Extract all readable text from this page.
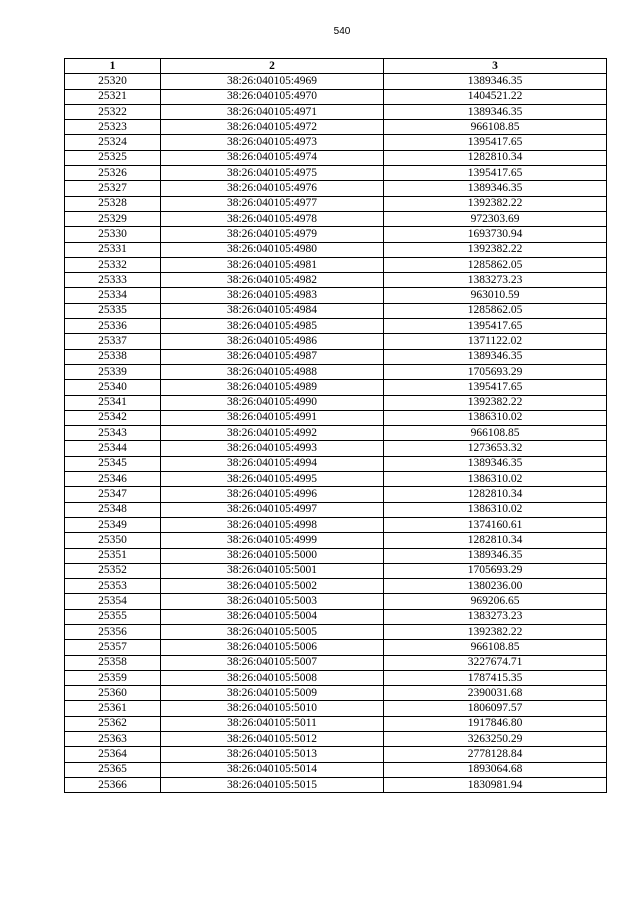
540
1	2	3
25320	38:26:040105:4969	1389346.35
25321	38:26:040105:4970	1404521.22
25322	38:26:040105:4971	1389346.35
25323	38:26:040105:4972	966108.85
25324	38:26:040105:4973	1395417.65
25325	38:26:040105:4974	1282810.34
25326	38:26:040105:4975	1395417.65
25327	38:26:040105:4976	1389346.35
25328	38:26:040105:4977	1392382.22
25329	38:26:040105:4978	972303.69
25330	38:26:040105:4979	1693730.94
25331	38:26:040105:4980	1392382.22
25332	38:26:040105:4981	1285862.05
25333	38:26:040105:4982	1383273.23
25334	38:26:040105:4983	963010.59
25335	38:26:040105:4984	1285862.05
25336	38:26:040105:4985	1395417.65
25337	38:26:040105:4986	1371122.02
25338	38:26:040105:4987	1389346.35
25339	38:26:040105:4988	1705693.29
25340	38:26:040105:4989	1395417.65
25341	38:26:040105:4990	1392382.22
25342	38:26:040105:4991	1386310.02
25343	38:26:040105:4992	966108.85
25344	38:26:040105:4993	1273653.32
25345	38:26:040105:4994	1389346.35
25346	38:26:040105:4995	1386310.02
25347	38:26:040105:4996	1282810.34
25348	38:26:040105:4997	1386310.02
25349	38:26:040105:4998	1374160.61
25350	38:26:040105:4999	1282810.34
25351	38:26:040105:5000	1389346.35
25352	38:26:040105:5001	1705693.29
25353	38:26:040105:5002	1380236.00
25354	38:26:040105:5003	969206.65
25355	38:26:040105:5004	1383273.23
25356	38:26:040105:5005	1392382.22
25357	38:26:040105:5006	966108.85
25358	38:26:040105:5007	3227674.71
25359	38:26:040105:5008	1787415.35
25360	38:26:040105:5009	2390031.68
25361	38:26:040105:5010	1806097.57
25362	38:26:040105:5011	1917846.80
25363	38:26:040105:5012	3263250.29
25364	38:26:040105:5013	2778128.84
25365	38:26:040105:5014	1893064.68
25366	38:26:040105:5015	1830981.94
